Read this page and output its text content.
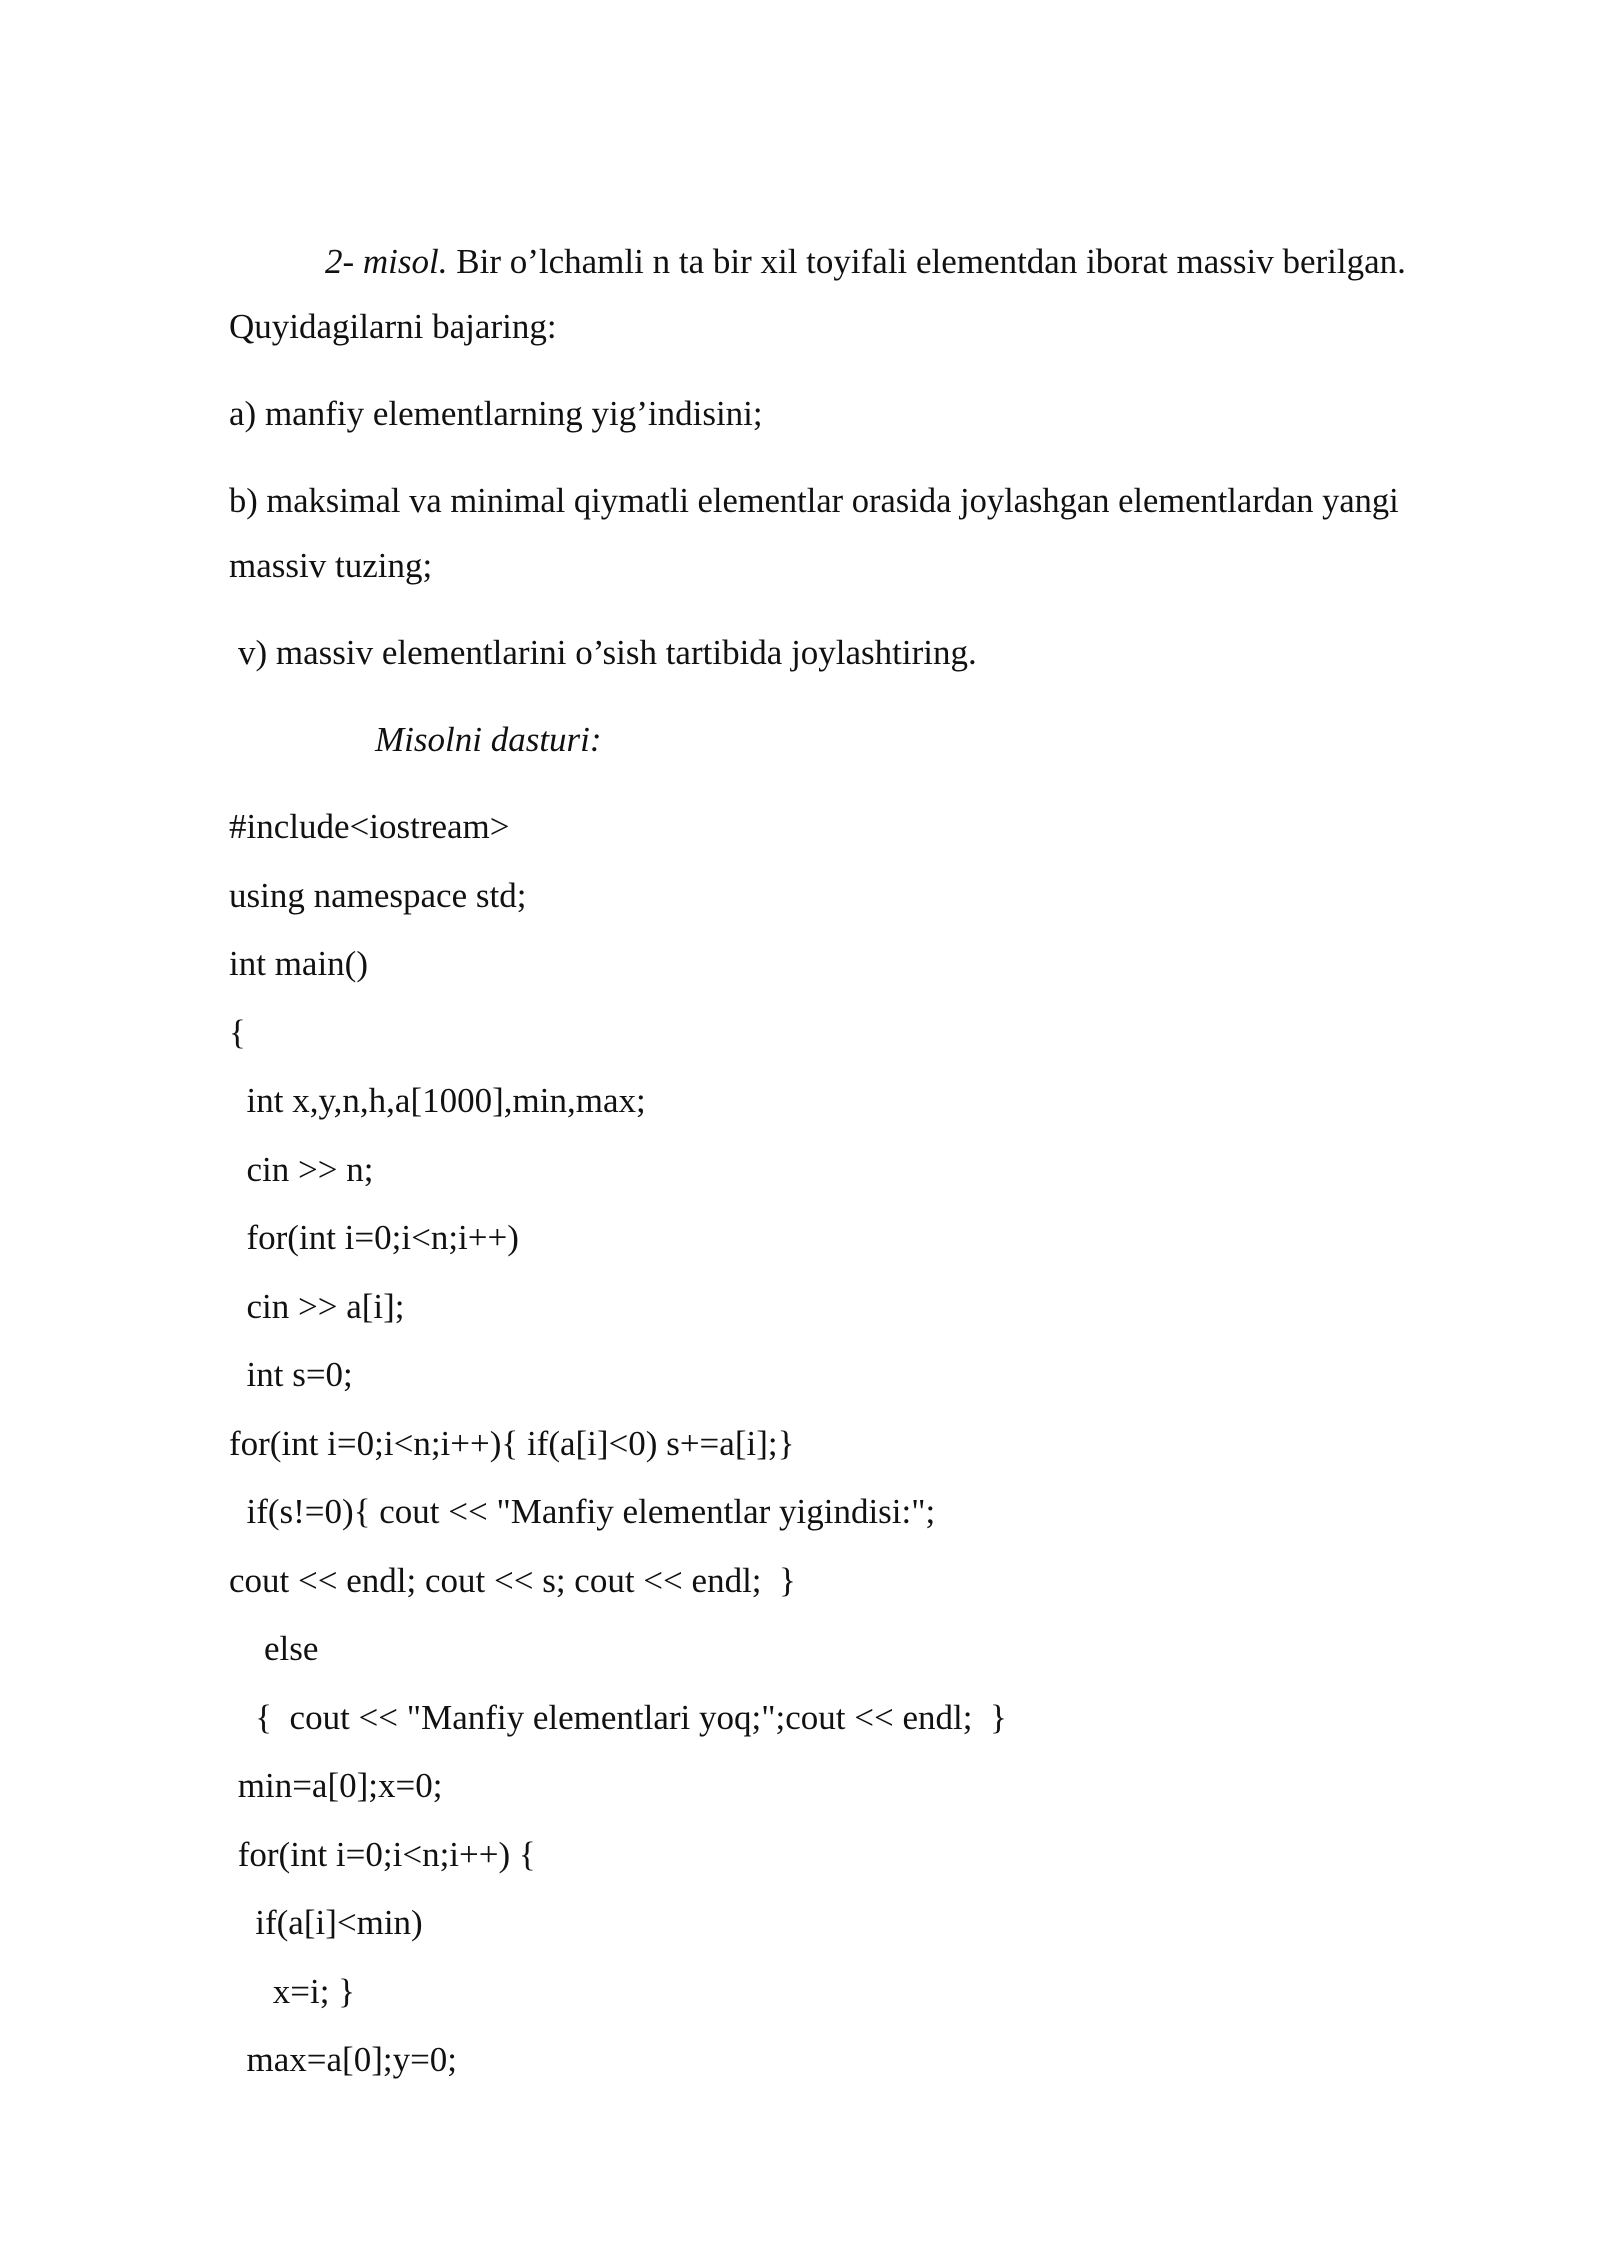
2- misol. Bir o’lchamli n ta bir xil toyifali elementdan iborat massiv berilgan.
Quyidagilarni bajaring:
a) manfiy elementlarning yig’indisini;
b) maksimal va minimal qiymatli elementlar orasida joylashgan elementlardan yangi
massiv tuzing;
v) massiv elementlarini o’sish tartibida joylashtiring.
Misolni dasturi:
#include<iostream>
using namespace std;
int main()
{
int x,y,n,h,a[1000],min,max;
cin >> n;
for(int i=0;i<n;i++)
cin >> a[i];
int s=0;
for(int i=0;i<n;i++){ if(a[i]<0) s+=a[i];}
if(s!=0){ cout << "Manfiy elementlar yigindisi:";
cout << endl; cout << s; cout << endl;  }
else
{  cout << "Manfiy elementlari yoq;";cout << endl;  }
min=a[0];x=0;
for(int i=0;i<n;i++) {
if(a[i]<min)
x=i; }
max=a[0];y=0;
